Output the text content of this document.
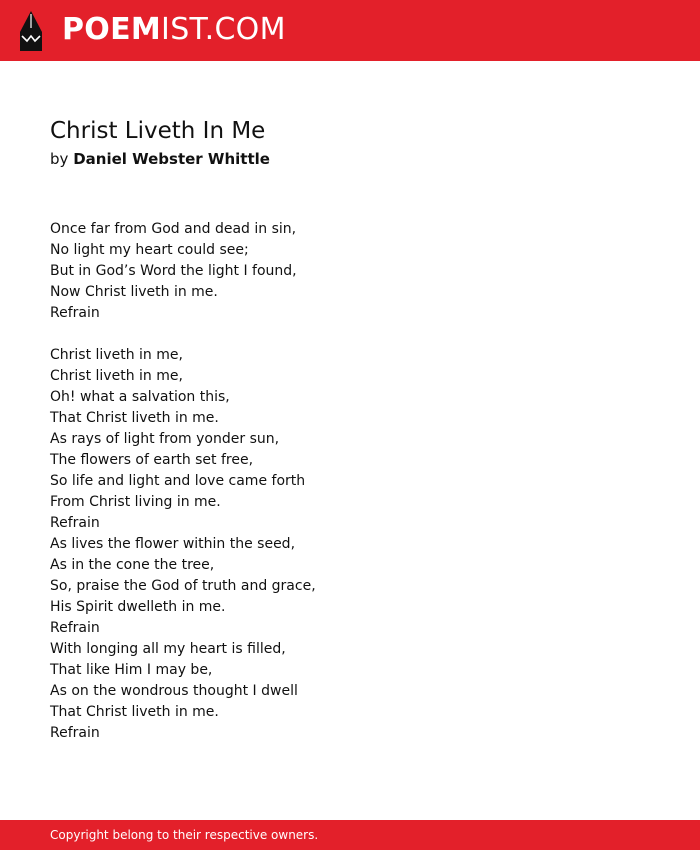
POEMIST.COM
Christ Liveth In Me

by Daniel Webster Whittle

Once far from God and dead in sin,
No light my heart could see;
But in God’s Word the light I found,
Now Christ liveth in me.
Refrain
Christ liveth in me,
Christ liveth in me,
Oh! what a salvation this,
That Christ liveth in me.
As rays of light from yonder sun,
The flowers of earth set free,
So life and light and love came forth
From Christ living in me.
Refrain
As lives the flower within the seed,
As in the cone the tree,
So, praise the God of truth and grace,
His Spirit dwelleth in me.
Refrain
With longing all my heart is filled,
That like Him I may be,
As on the wondrous thought I dwell
That Christ liveth in me.
Refrain
Copyright belong to their respective owners.
